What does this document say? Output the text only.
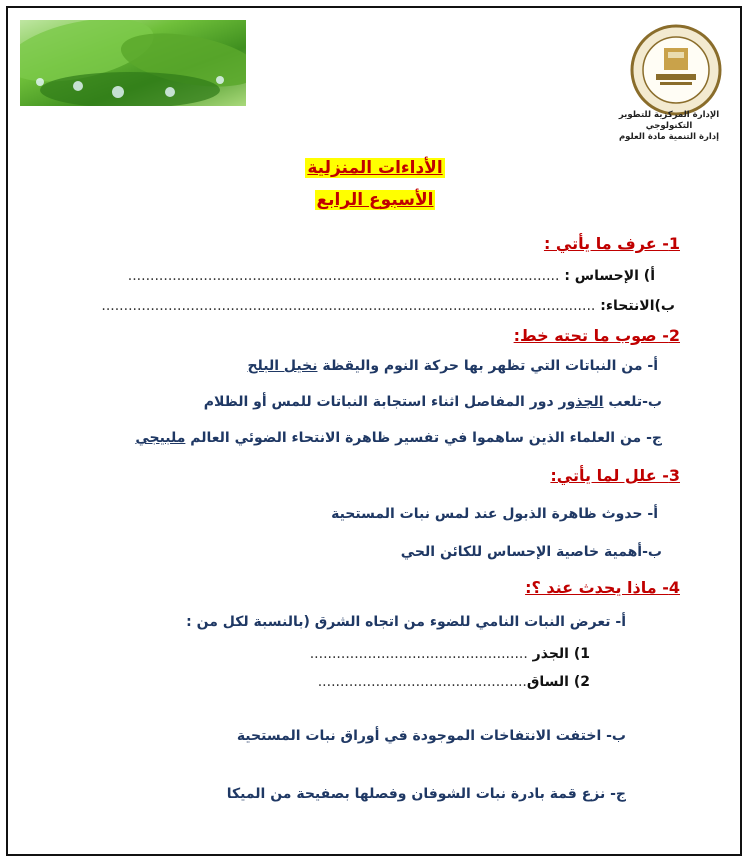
الإدارة المركزية للتطوير التكنولوجي
إدارة التنمية مادة العلوم
الأداءات المنزلية
الأسبوع الرابع
1- عرف ما يأتي :
أ) الإحساس : .................................................................................................
ب)الانتحاء: ...............................................................................................................
2- صوب ما تحته خط:
أ- من النباتات التي تظهر بها حركة النوم واليقظة نخيل البلح
ب-تلعب الجذور دور المفاصل اثناء استجابة النباتات للمس أو الظلام
ج- من العلماء الذين ساهموا في تفسير ظاهرة الانتحاء الضوئي العالم ملبيجي
3- علل لما يأتي:
أ- حدوث ظاهرة الذبول عند لمس نبات المستحية
ب-أهمية خاصية الإحساس للكائن الحي
4- ماذا يحدث عند ؟:
أ- تعرض النبات النامي للضوء من اتجاه الشرق (بالنسبة لكل من :
1) الجذر .................................................
2) الساق...............................................
ب- اختفت الانتفاخات الموجودة في أوراق نبات المستحية
ج- نزع قمة بادرة نبات الشوفان وفصلها بصفيحة من الميكا
